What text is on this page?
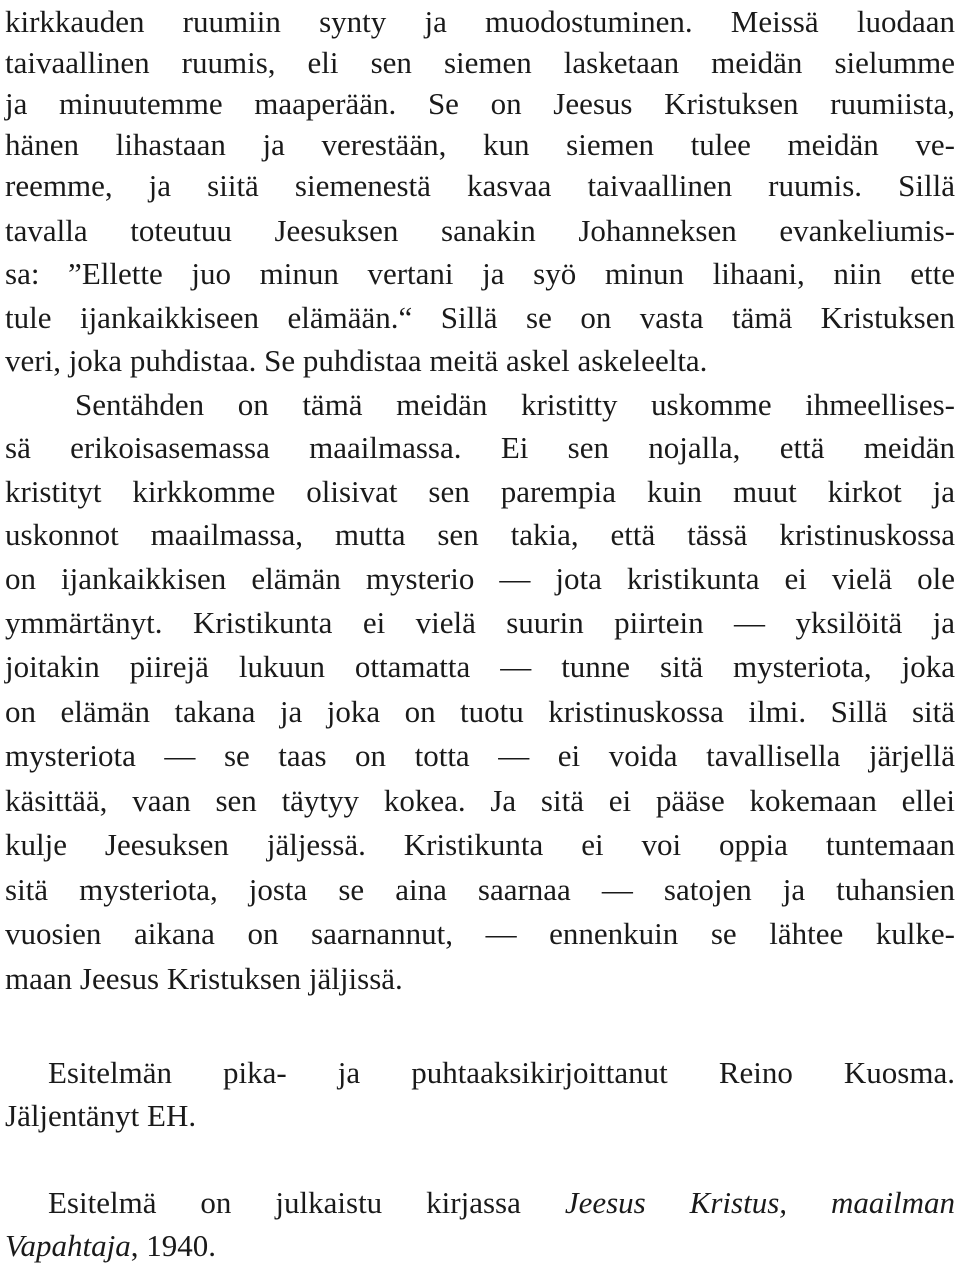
kirkkauden ruumiin synty ja muodostuminen. Meissä luodaan
taivaallinen ruumis, eli sen siemen lasketaan meidän sielumme
ja minuutemme maaperään. Se on Jeesus Kristuksen ruumiista,
hänen lihastaan ja verestään, kun siemen tulee meidän ve-
reemme, ja siitä siemenestä kasvaa taivaallinen ruumis. Sillä
tavalla toteutuu Jeesuksen sanakin Johanneksen evankeliumis-
sa: ”Ellette juo minun vertani ja syö minun lihaani, niin ette
tule ijankaikkiseen elämään.“ Sillä se on vasta tämä Kristuksen
veri, joka puhdistaa. Se puhdistaa meitä askel askeleelta.
Sentähden on tämä meidän kristitty uskomme ihmeellises-
sä erikoisasemassa maailmassa. Ei sen nojalla, että meidän
kristityt kirkkomme olisivat sen parempia kuin muut kirkot ja
uskonnot maailmassa, mutta sen takia, että tässä kristinuskossa
on ijankaikkisen elämän mysterio — jota kristikunta ei vielä ole
ymmärtänyt. Kristikunta ei vielä suurin piirtein — yksilöitä ja
joitakin piirejä lukuun ottamatta — tunne sitä mysteriota, joka
on elämän takana ja joka on tuotu kristinuskossa ilmi. Sillä sitä
mysteriota — se taas on totta — ei voida tavallisella järjellä
käsittää, vaan sen täytyy kokea. Ja sitä ei pääse kokemaan ellei
kulje Jeesuksen jäljessä. Kristikunta ei voi oppia tuntemaan
sitä mysteriota, josta se aina saarnaa — satojen ja tuhansien
vuosien aikana on saarnannut, — ennenkuin se lähtee kulke-
maan Jeesus Kristuksen jäljissä.
Esitelmän pika- ja puhtaaksikirjoittanut Reino Kuosma.
Jäljentänyt EH.
Esitelmä on julkaistu kirjassa Jeesus Kristus, maailman
Vapahtaja, 1940.
